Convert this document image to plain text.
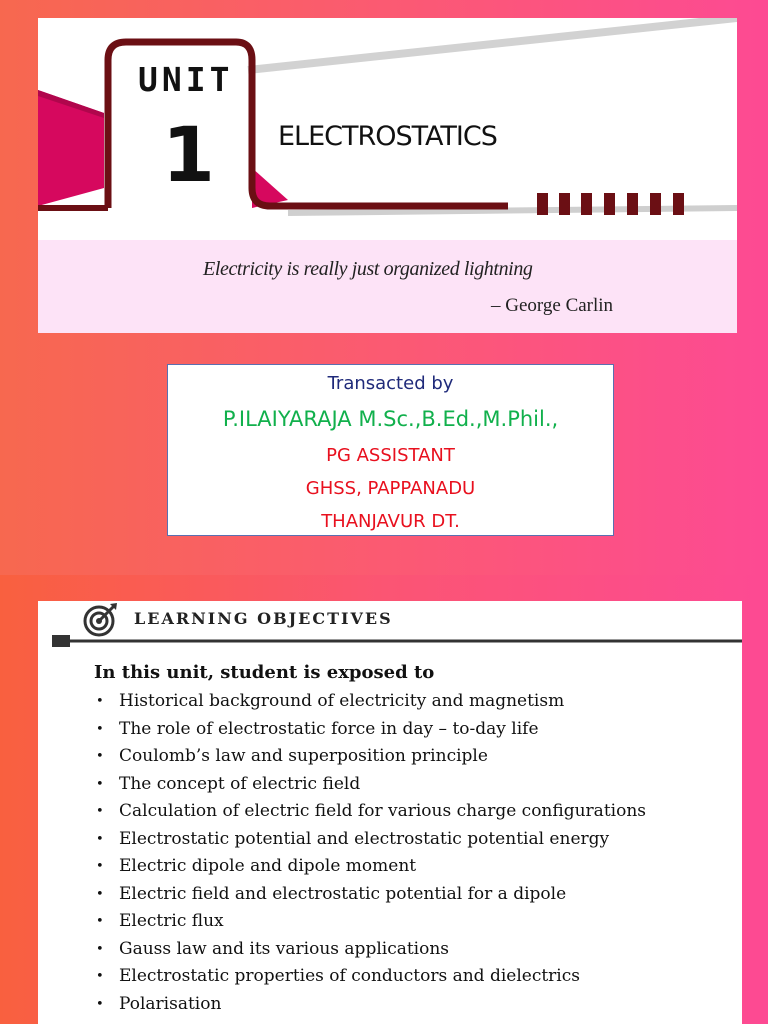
UNIT
1 ELECTROSTATICS
Electricity is really just organized lightning
– George Carlin
Transacted by
P.ILAIYARAJA M.Sc.,B.Ed.,M.Phil.,
PG ASSISTANT
GHSS, PAPPANADU
THANJAVUR DT.
LEARNING OBJECTIVES
In this unit, student is exposed to
• Historical background of electricity and magnetism
• The role of electrostatic force in day – to-day life
• Coulomb’s law and superposition principle
• The concept of electric field
• Calculation of electric field for various charge configurations
• Electrostatic potential and electrostatic potential energy
• Electric dipole and dipole moment
• Electric field and electrostatic potential for a dipole
• Electric flux
• Gauss law and its various applications
• Electrostatic properties of conductors and dielectrics
• Polarisation
